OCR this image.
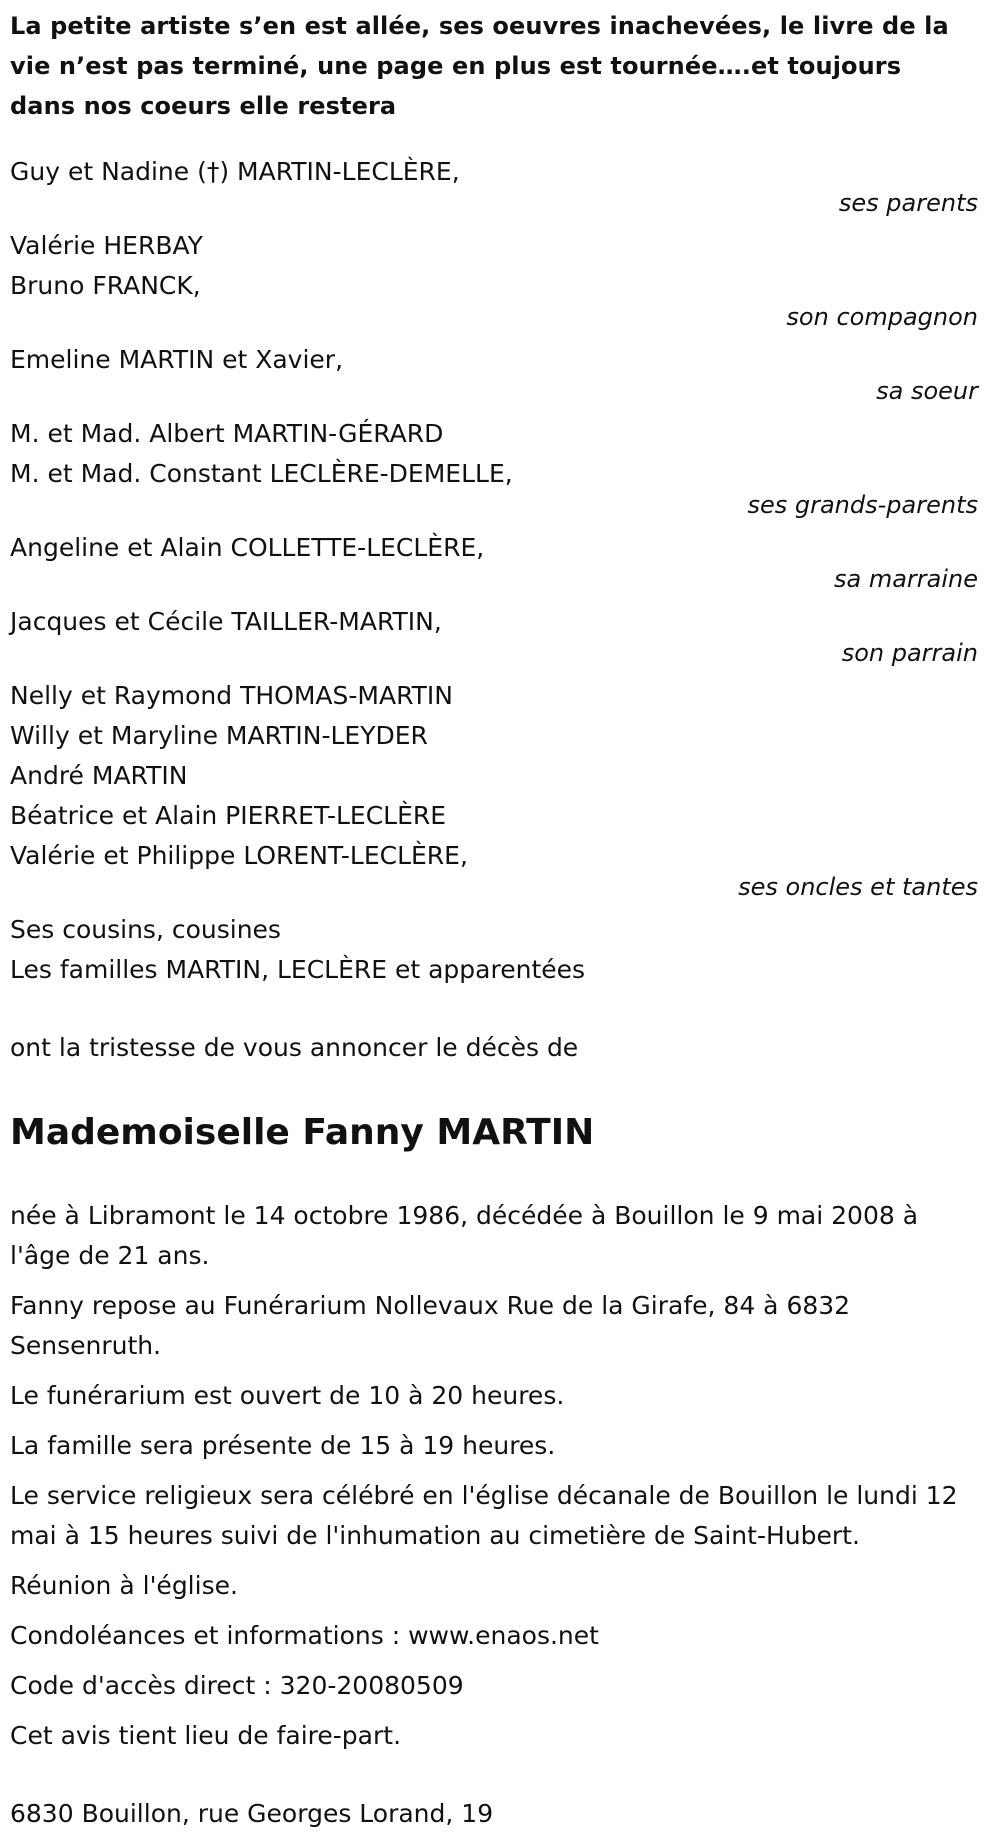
La petite artiste s’en est allée, ses oeuvres inachevées, le livre de la vie n’est pas terminé, une page en plus est tournée….et toujours dans nos coeurs elle restera

Guy et Nadine (†) MARTIN-LECLÈRE,
ses parents
Valérie HERBAY
Bruno FRANCK,
son compagnon
Emeline MARTIN et Xavier,
sa soeur
M. et Mad. Albert MARTIN-GÉRARD
M. et Mad. Constant LECLÈRE-DEMELLE,
ses grands-parents
Angeline et Alain COLLETTE-LECLÈRE,
sa marraine
Jacques et Cécile TAILLER-MARTIN,
son parrain
Nelly et Raymond THOMAS-MARTIN
Willy et Maryline MARTIN-LEYDER
André MARTIN
Béatrice et Alain PIERRET-LECLÈRE
Valérie et Philippe LORENT-LECLÈRE,
ses oncles et tantes
Ses cousins, cousines
Les familles MARTIN, LECLÈRE et apparentées
ont la tristesse de vous annoncer le décès de
Mademoiselle Fanny MARTIN

née à Libramont le 14 octobre 1986, décédée à Bouillon le 9 mai 2008 à l'âge de 21 ans.

Fanny repose au Funérarium Nollevaux Rue de la Girafe, 84 à 6832 Sensenruth.

Le funérarium est ouvert de 10 à 20 heures.

La famille sera présente de 15 à 19 heures.

Le service religieux sera célébré en l'église décanale de Bouillon le lundi 12 mai à 15 heures suivi de l'inhumation au cimetière de Saint-Hubert.

Réunion à l'église.

Condoléances et informations : www.enaos.net

Code d'accès direct : 320-20080509

Cet avis tient lieu de faire-part.

6830 Bouillon, rue Georges Lorand, 19
